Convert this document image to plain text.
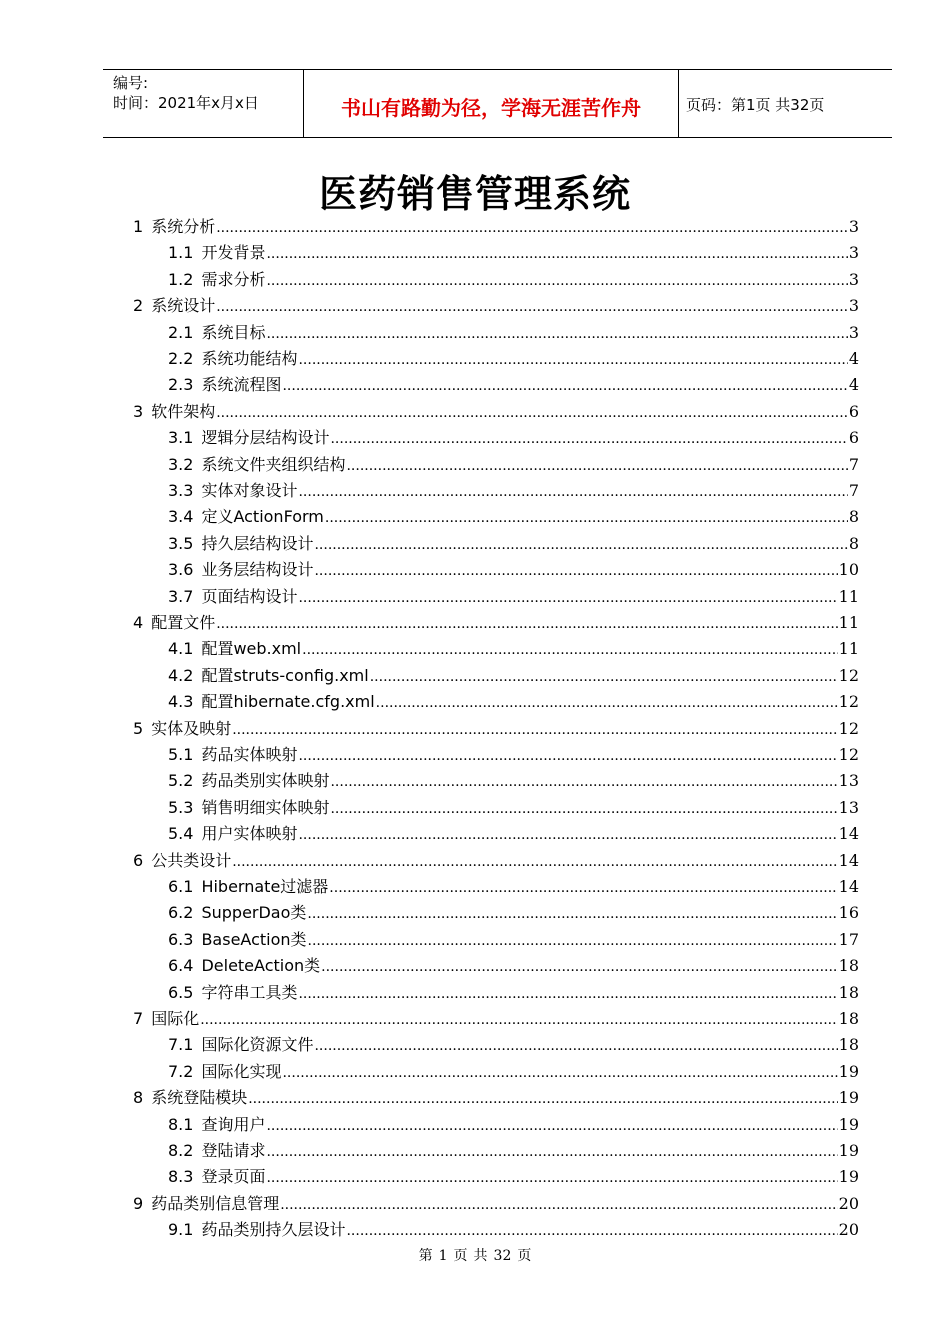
编号:
时间：2021年x月x日	书山有路勤为径，学海无涯苦作舟	页码：第1页 共32页
医药销售管理系统
1 系统分析 .....	3
1.1 开发背景 .....	3
1.2 需求分析 .....	3
2 系统设计 .....	3
2.1 系统目标 .....	3
2.2 系统功能结构 .....	4
2.3 系统流程图 .....	4
3 软件架构 .....	6
3.1 逻辑分层结构设计 .....	6
3.2 系统文件夹组织结构 .....	7
3.3 实体对象设计 .....	7
3.4 定义ActionForm .....	8
3.5 持久层结构设计 .....	8
3.6 业务层结构设计 .....	10
3.7 页面结构设计 .....	11
4 配置文件 .....	11
4.1 配置web.xml .....	11
4.2 配置struts-config.xml .....	12
4.3 配置hibernate.cfg.xml .....	12
5 实体及映射 .....	12
5.1 药品实体映射 .....	12
5.2 药品类别实体映射 .....	13
5.3 销售明细实体映射 .....	13
5.4 用户实体映射 .....	14
6 公共类设计 .....	14
6.1 Hibernate过滤器 .....	14
6.2 SupperDao类 .....	16
6.3 BaseAction类 .....	17
6.4 DeleteAction类 .....	18
6.5 字符串工具类 .....	18
7 国际化 .....	18
7.1 国际化资源文件 .....	18
7.2 国际化实现 .....	19
8 系统登陆模块 .....	19
8.1 查询用户 .....	19
8.2 登陆请求 .....	19
8.3 登录页面 .....	19
9 药品类别信息管理 .....	20
9.1 药品类别持久层设计 .....	20
第 1 页 共 32 页
